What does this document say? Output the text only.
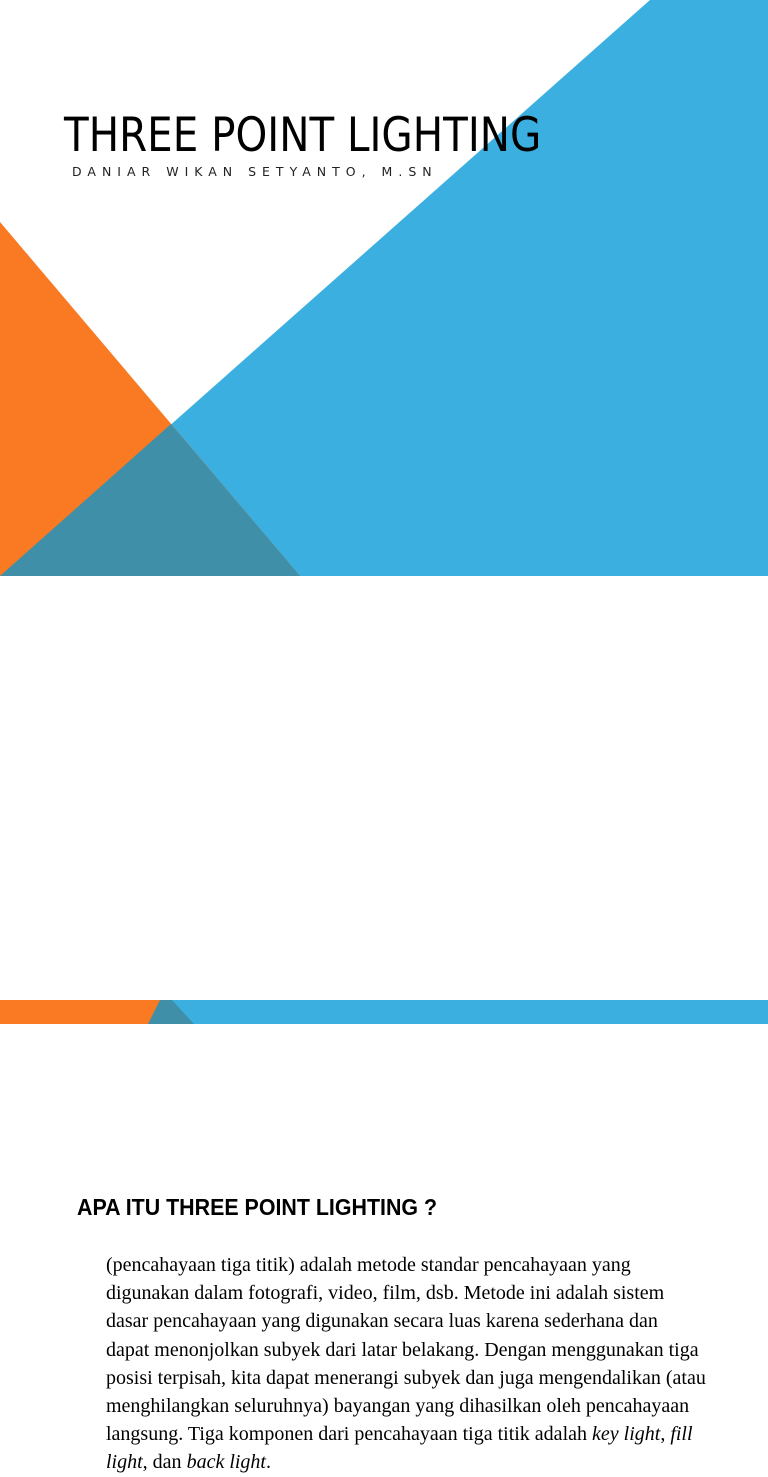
THREE POINT LIGHTING

DANIAR WIKAN SETYANTO, M.SN

APA ITU THREE POINT LIGHTING ?

(pencahayaan tiga titik) adalah metode standar pencahayaan yang digunakan dalam fotografi, video, film, dsb. Metode ini adalah sistem dasar pencahayaan yang digunakan secara luas karena sederhana dan dapat menonjolkan subyek dari latar belakang. Dengan menggunakan tiga posisi terpisah, kita dapat menerangi subyek dan juga mengendalikan (atau menghilangkan seluruhnya) bayangan yang dihasilkan oleh pencahayaan langsung. Tiga komponen dari pencahayaan tiga titik adalah key light, fill light, dan back light.
